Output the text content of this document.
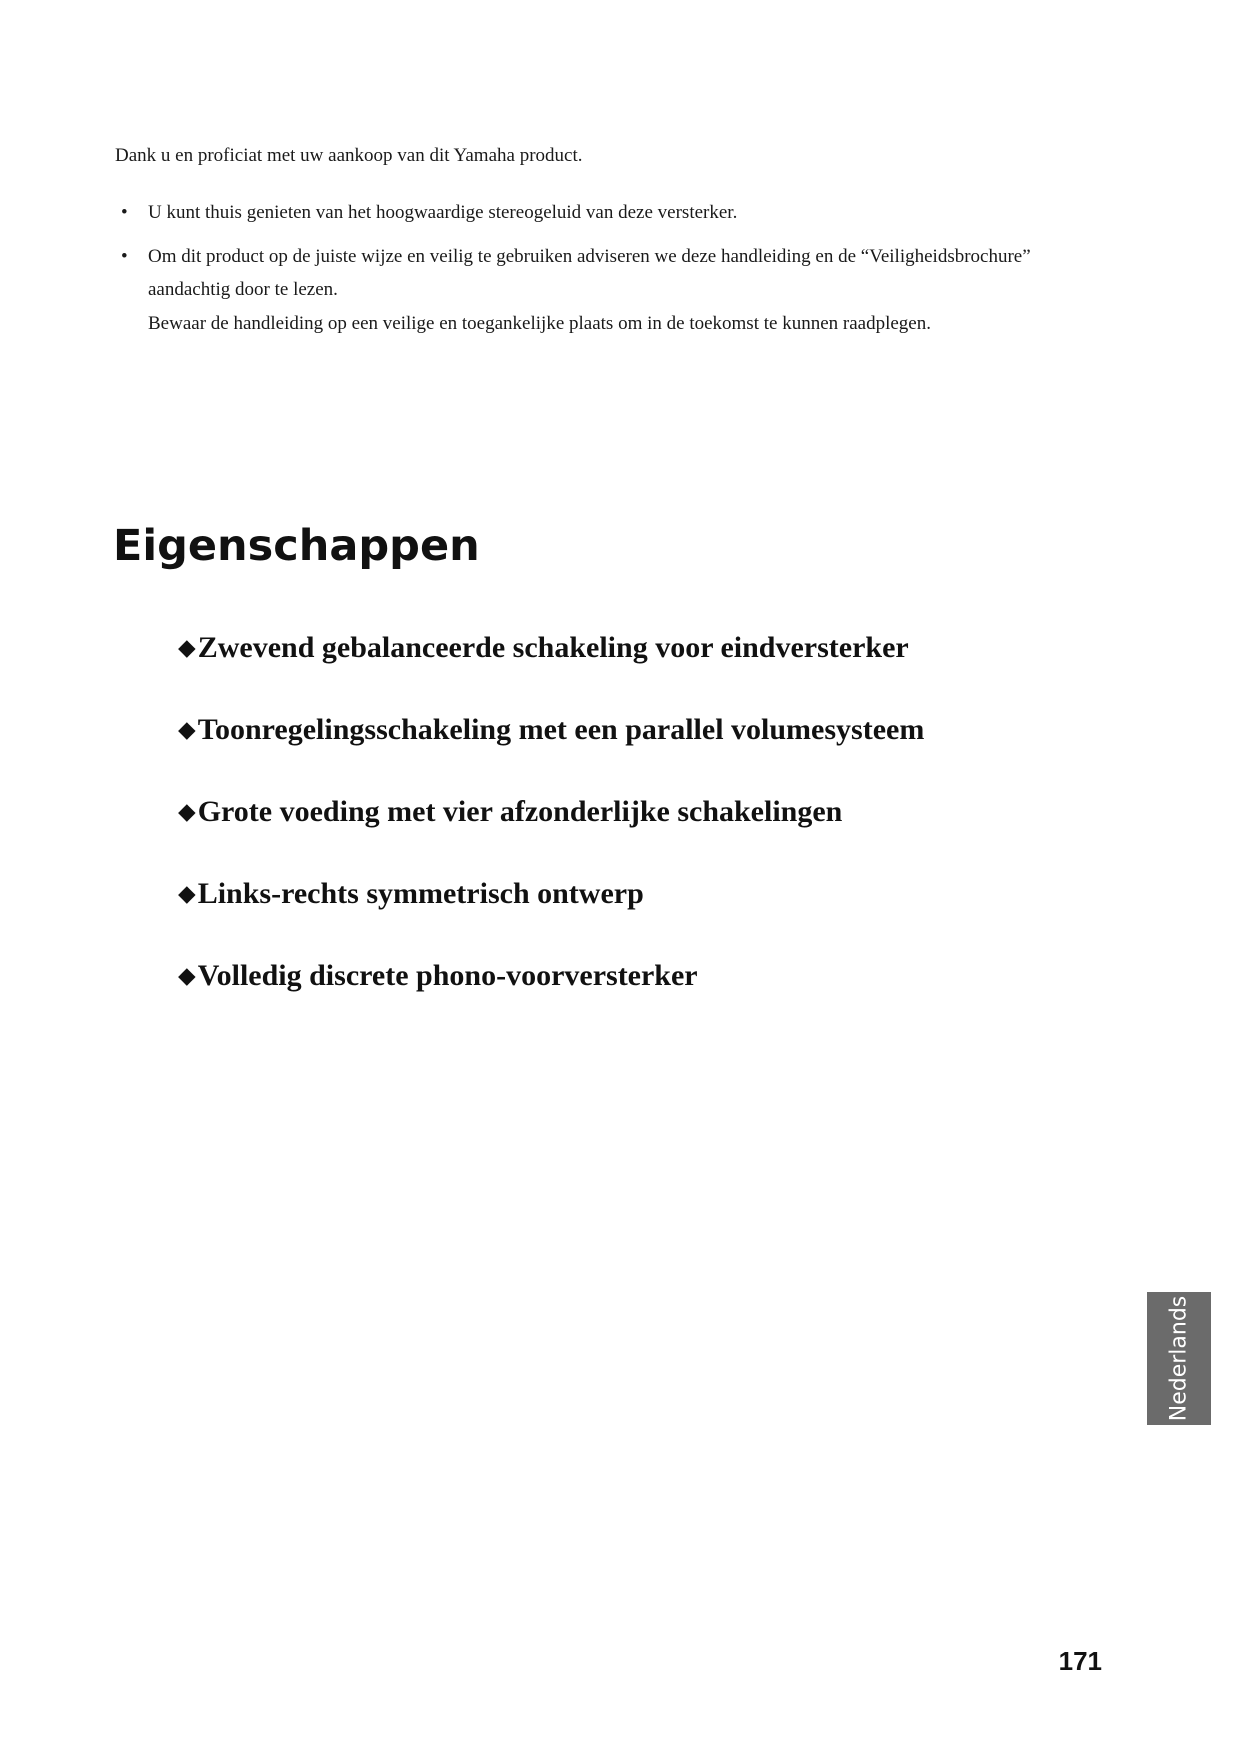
Dank u en proficiat met uw aankoop van dit Yamaha product.

• U kunt thuis genieten van het hoogwaardige stereogeluid van deze versterker.
• Om dit product op de juiste wijze en veilig te gebruiken adviseren we deze handleiding en de “Veiligheidsbrochure”
aandachtig door te lezen.
Bewaar de handleiding op een veilige en toegankelijke plaats om in de toekomst te kunnen raadplegen.
Eigenschappen
◆Zwevend gebalanceerde schakeling voor eindversterker
◆Toonregelingsschakeling met een parallel volumesysteem
◆Grote voeding met vier afzonderlijke schakelingen
◆Links-rechts symmetrisch ontwerp
◆Volledig discrete phono-voorversterker
Nederlands
171
